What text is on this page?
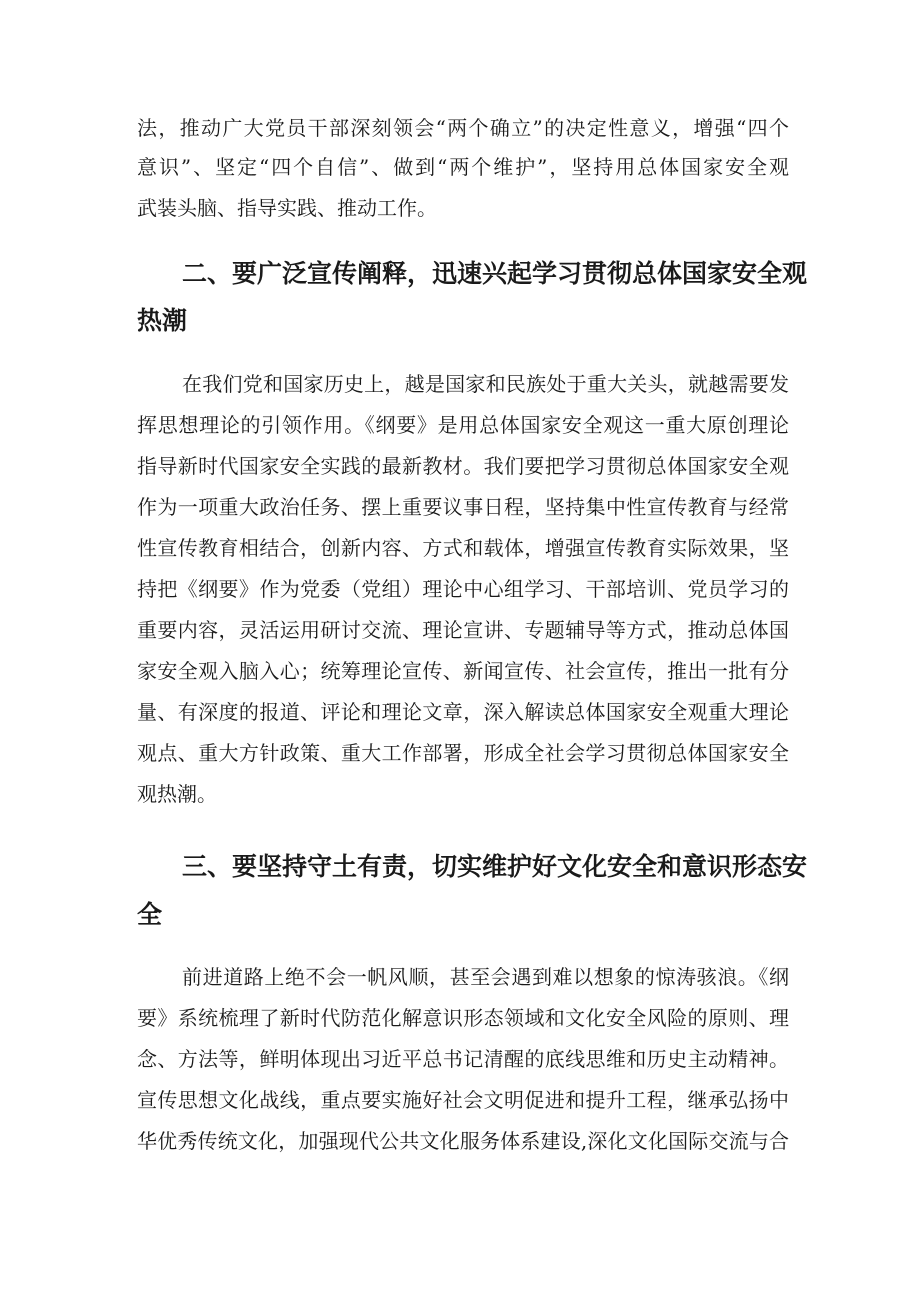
法，推动广大党员干部深刻领会“两个确立”的决定性意义，增强“四个
意识”、坚定“四个自信”、做到“两个维护”，坚持用总体国家安全观
武装头脑、指导实践、推动工作。
二、要广泛宣传阐释，迅速兴起学习贯彻总体国家安全观
热潮
在我们党和国家历史上，越是国家和民族处于重大关头，就越需要发
挥思想理论的引领作用。《纲要》是用总体国家安全观这一重大原创理论
指导新时代国家安全实践的最新教材。我们要把学习贯彻总体国家安全观
作为一项重大政治任务、摆上重要议事日程，坚持集中性宣传教育与经常
性宣传教育相结合，创新内容、方式和载体，增强宣传教育实际效果，坚
持把《纲要》作为党委（党组）理论中心组学习、干部培训、党员学习的
重要内容，灵活运用研讨交流、理论宣讲、专题辅导等方式，推动总体国
家安全观入脑入心；统筹理论宣传、新闻宣传、社会宣传，推出一批有分
量、有深度的报道、评论和理论文章，深入解读总体国家安全观重大理论
观点、重大方针政策、重大工作部署，形成全社会学习贯彻总体国家安全
观热潮。
三、要坚持守土有责，切实维护好文化安全和意识形态安
全
前进道路上绝不会一帆风顺，甚至会遇到难以想象的惊涛骇浪。《纲
要》系统梳理了新时代防范化解意识形态领域和文化安全风险的原则、理
念、方法等，鲜明体现出习近平总书记清醒的底线思维和历史主动精神。
宣传思想文化战线，重点要实施好社会文明促进和提升工程，继承弘扬中
华优秀传统文化，加强现代公共文化服务体系建设,深化文化国际交流与合
